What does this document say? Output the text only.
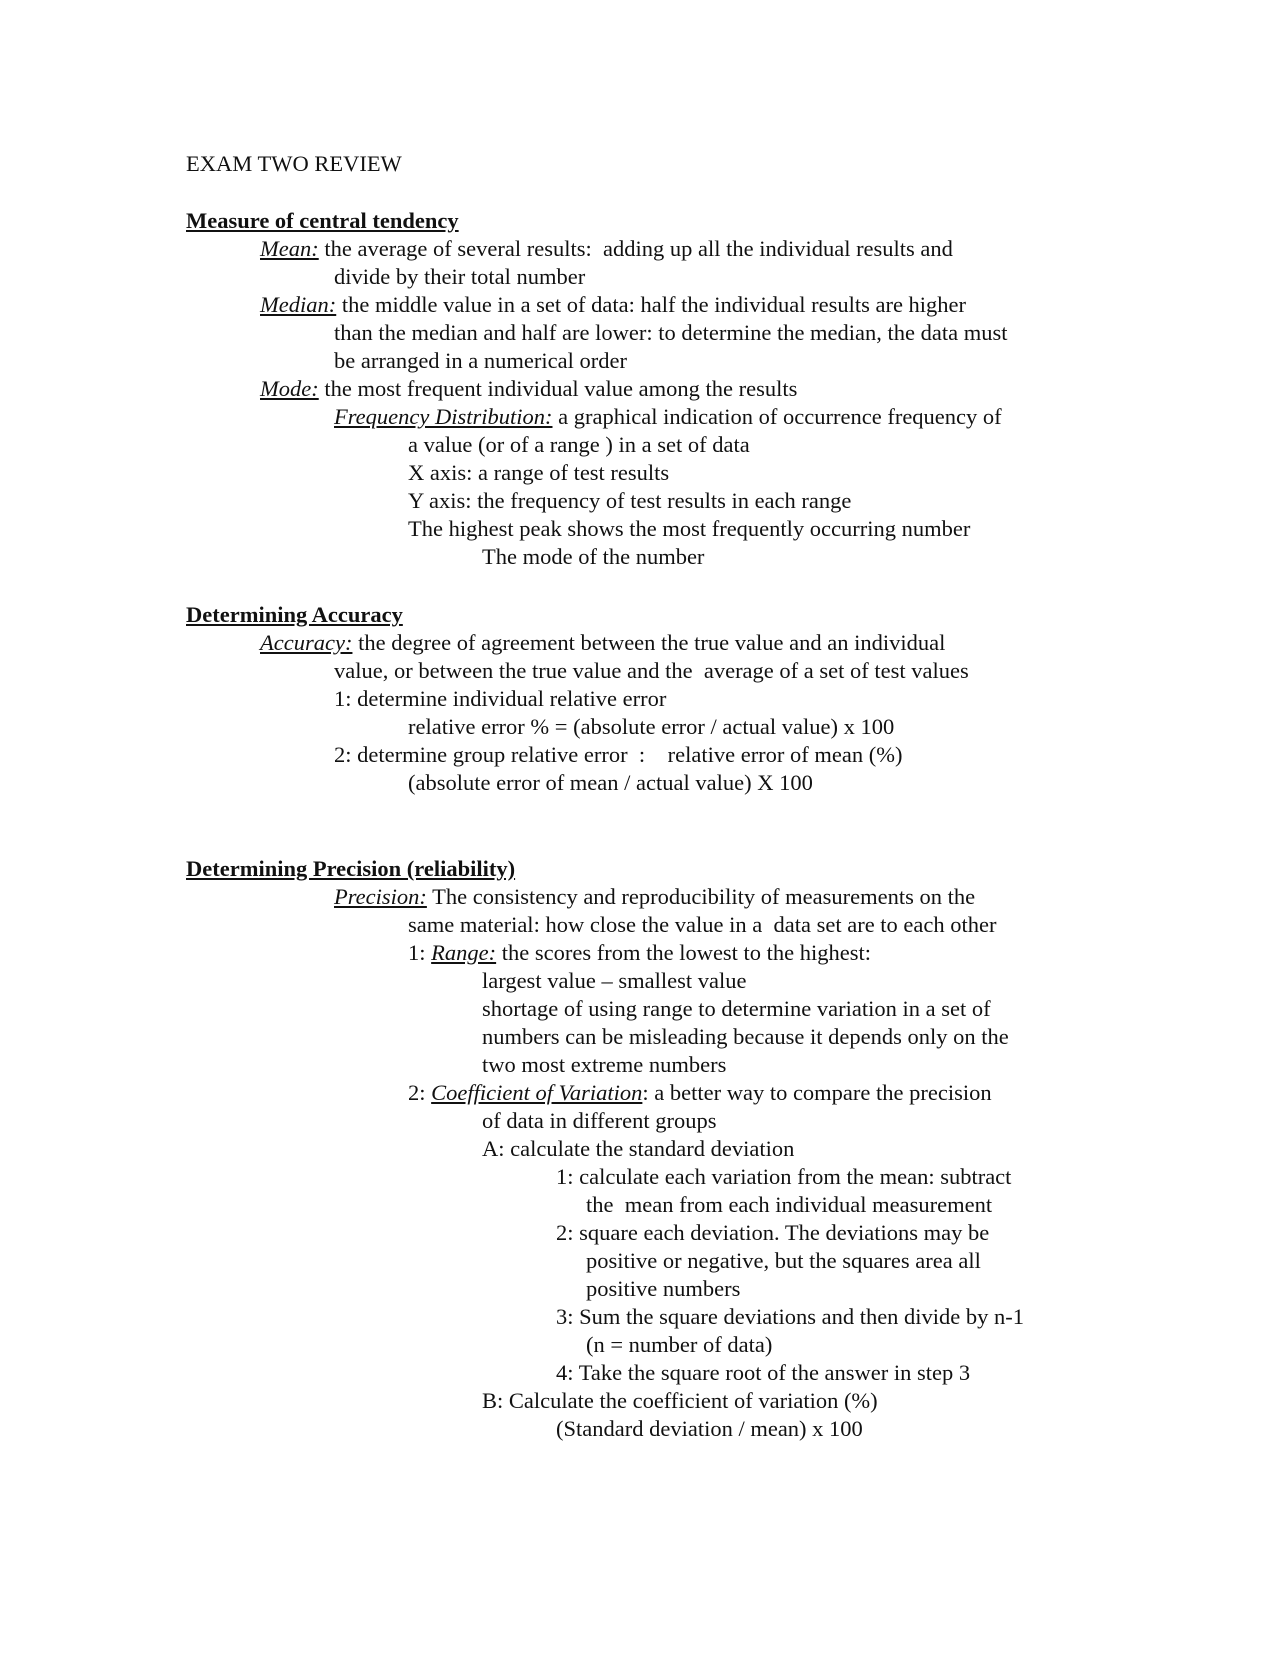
EXAM TWO REVIEW
Measure of central tendency
Mean: the average of several results:  adding up all the individual results and
divide by their total number
Median: the middle value in a set of data: half the individual results are higher
than the median and half are lower: to determine the median, the data must
be arranged in a numerical order
Mode: the most frequent individual value among the results
Frequency Distribution: a graphical indication of occurrence frequency of
a value (or of a range ) in a set of data
X axis: a range of test results
Y axis: the frequency of test results in each range
The highest peak shows the most frequently occurring number
The mode of the number
Determining Accuracy
Accuracy: the degree of agreement between the true value and an individual
value, or between the true value and the  average of a set of test values
1: determine individual relative error
relative error % = (absolute error / actual value) x 100
2: determine group relative error  :    relative error of mean (%)
(absolute error of mean / actual value) X 100
Determining Precision (reliability)
Precision: The consistency and reproducibility of measurements on the
same material: how close the value in a  data set are to each other
1: Range: the scores from the lowest to the highest:
largest value – smallest value
shortage of using range to determine variation in a set of
numbers can be misleading because it depends only on the
two most extreme numbers
2: Coefficient of Variation: a better way to compare the precision
of data in different groups
A: calculate the standard deviation
1: calculate each variation from the mean: subtract
the  mean from each individual measurement
2: square each deviation. The deviations may be
positive or negative, but the squares area all
positive numbers
3: Sum the square deviations and then divide by n-1
(n = number of data)
4: Take the square root of the answer in step 3
B: Calculate the coefficient of variation (%)
(Standard deviation / mean) x 100
